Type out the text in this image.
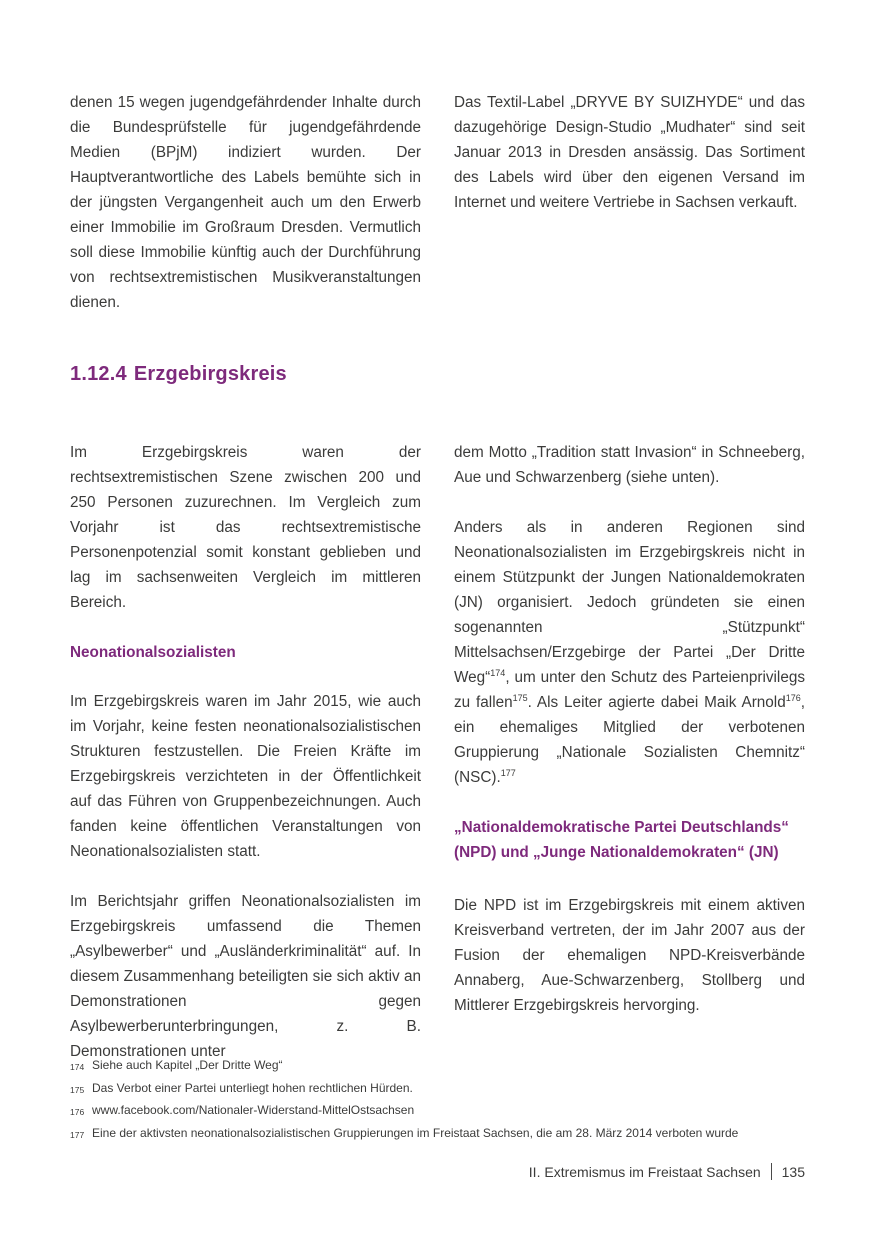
denen 15 wegen jugendgefährdender Inhalte durch die Bundesprüfstelle für jugendgefährdende Medien (BPjM) indiziert wurden. Der Hauptverantwortliche des Labels bemühte sich in der jüngsten Vergangenheit auch um den Erwerb einer Immobilie im Großraum Dresden. Vermutlich soll diese Immobilie künftig auch der Durchführung von rechtsextremistischen Musikveranstaltungen dienen.

Das Textil-Label „DRYVE BY SUIZHYDE“ und das dazugehörige Design-Studio „Mudhater“ sind seit Januar 2013 in Dresden ansässig. Das Sortiment des Labels wird über den eigenen Versand im Internet und weitere Vertriebe in Sachsen verkauft.

1.12.4 Erzgebirgskreis

Im Erzgebirgskreis waren der rechtsextremistischen Szene zwischen 200 und 250 Personen zuzurechnen. Im Vergleich zum Vorjahr ist das rechtsextremistische Personenpotenzial somit konstant geblieben und lag im sachsenweiten Vergleich im mittleren Bereich.

Neonationalsozialisten

Im Erzgebirgskreis waren im Jahr 2015, wie auch im Vorjahr, keine festen neonationalsozialistischen Strukturen festzustellen. Die Freien Kräfte im Erzgebirgskreis verzichteten in der Öffentlichkeit auf das Führen von Gruppenbezeichnungen. Auch fanden keine öffentlichen Veranstaltungen von Neonationalsozialisten statt.

Im Berichtsjahr griffen Neonationalsozialisten im Erzgebirgskreis umfassend die Themen „Asylbewerber“ und „Ausländerkriminalität“ auf. In diesem Zusammenhang beteiligten sie sich aktiv an Demonstrationen gegen Asylbewerberunterbringungen, z. B. Demonstrationen unter

dem Motto „Tradition statt Invasion“ in Schneeberg, Aue und Schwarzenberg (siehe unten).

Anders als in anderen Regionen sind Neonationalsozialisten im Erzgebirgskreis nicht in einem Stützpunkt der Jungen Nationaldemokraten (JN) organisiert. Jedoch gründeten sie einen sogenannten „Stützpunkt“ Mittelsachsen/Erzgebirge der Partei „Der Dritte Weg“$^{174}$, um unter den Schutz des Parteienprivilegs zu fallen$^{175}$. Als Leiter agierte dabei Maik Arnold$^{176}$, ein ehemaliges Mitglied der verbotenen Gruppierung „Nationale Sozialisten Chemnitz“ (NSC).$^{177}$

„Nationaldemokratische Partei Deutschlands“ (NPD) und „Junge Nationaldemokraten“ (JN)

Die NPD ist im Erzgebirgskreis mit einem aktiven Kreisverband vertreten, der im Jahr 2007 aus der Fusion der ehemaligen NPD-Kreisverbände Annaberg, Aue-Schwarzenberg, Stollberg und Mittlerer Erzgebirgskreis hervorging.

174 Siehe auch Kapitel „Der Dritte Weg“
175 Das Verbot einer Partei unterliegt hohen rechtlichen Hürden.
176 www.facebook.com/Nationaler-Widerstand-MittelOstsachsen
177 Eine der aktivsten neonationalsozialistischen Gruppierungen im Freistaat Sachsen, die am 28. März 2014 verboten wurde
II. Extremismus im Freistaat Sachsen 135
